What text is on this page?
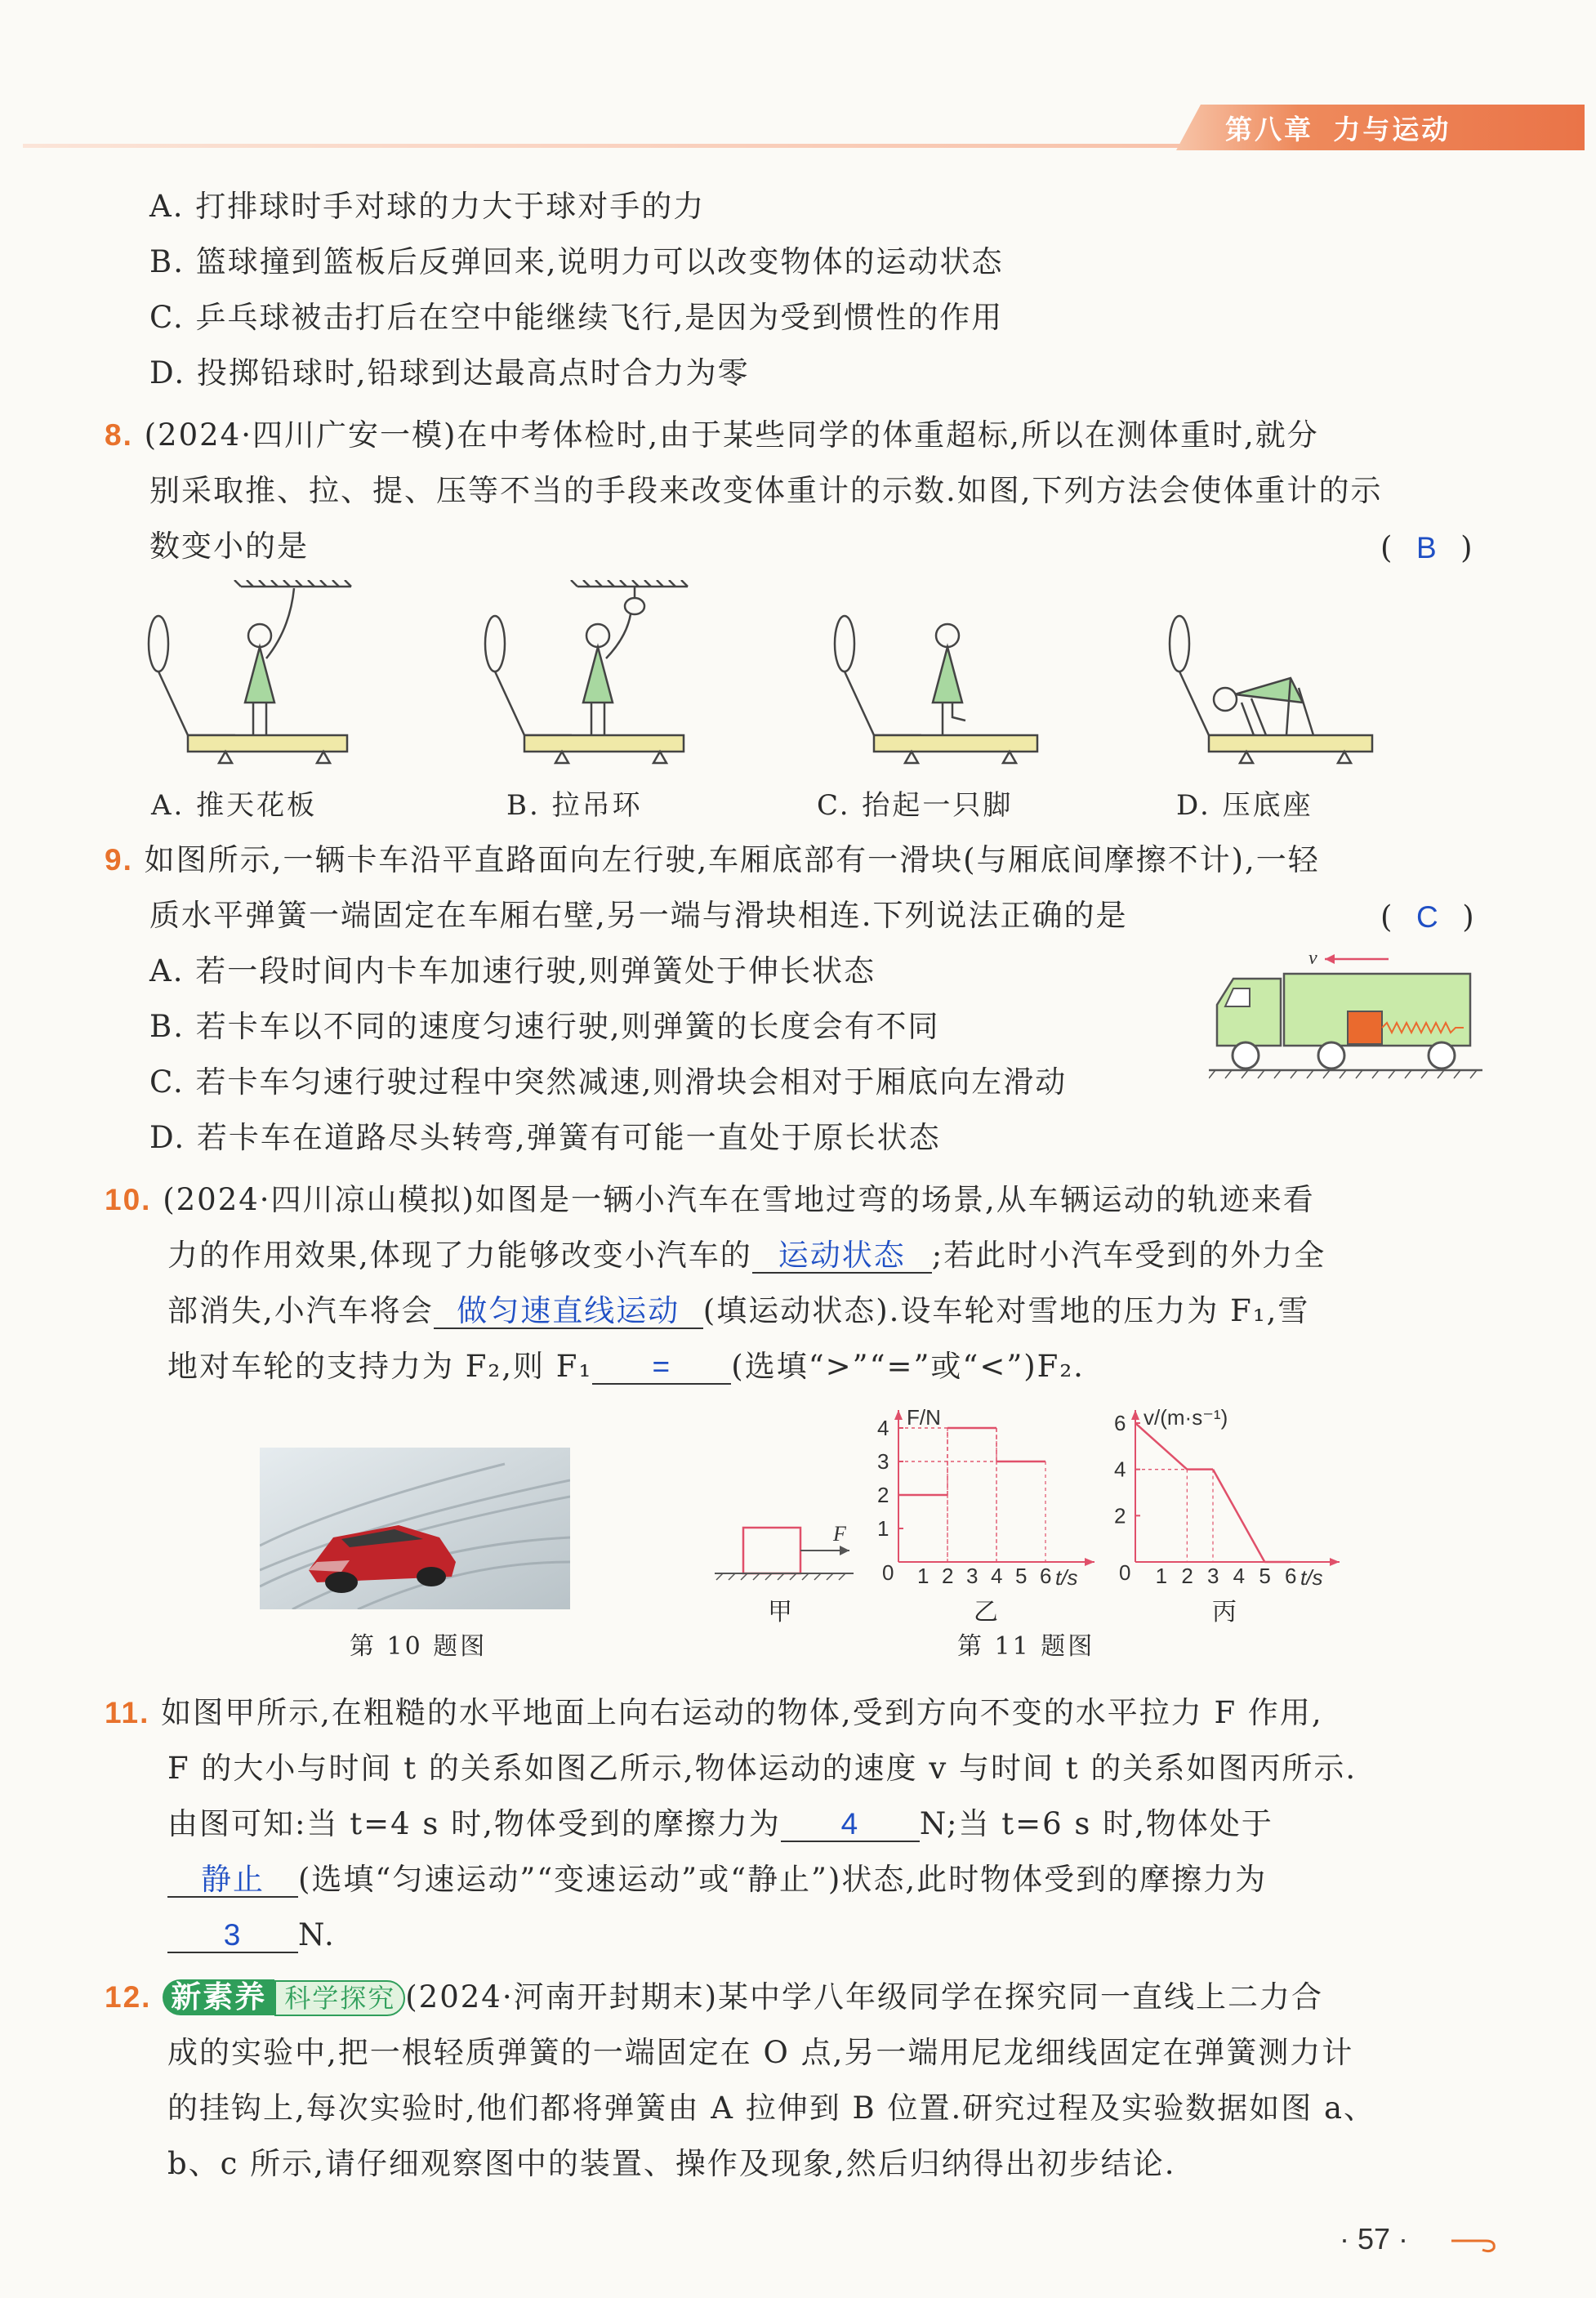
第八章 力与运动
A. 打排球时手对球的力大于球对手的力
B. 篮球撞到篮板后反弹回来,说明力可以改变物体的运动状态
C. 乒乓球被击打后在空中能继续飞行,是因为受到惯性的作用
D. 投掷铅球时,铅球到达最高点时合力为零
8. (2024·四川广安一模)在中考体检时,由于某些同学的体重超标,所以在测体重时,就分
别采取推、拉、提、压等不当的手段来改变体重计的示数.如图,下列方法会使体重计的示
数变小的是	(  B  )
A. 推天花板	B. 拉吊环	C. 抬起一只脚	D. 压底座
9. 如图所示,一辆卡车沿平直路面向左行驶,车厢底部有一滑块(与厢底间摩擦不计),一轻
质水平弹簧一端固定在车厢右壁,另一端与滑块相连.下列说法正确的是	(  C  )
A. 若一段时间内卡车加速行驶,则弹簧处于伸长状态
B. 若卡车以不同的速度匀速行驶,则弹簧的长度会有不同
C. 若卡车匀速行驶过程中突然减速,则滑块会相对于厢底向左滑动
D. 若卡车在道路尽头转弯,弹簧有可能一直处于原长状态
v
10. (2024·四川凉山模拟)如图是一辆小汽车在雪地过弯的场景,从车辆运动的轨迹来看
力的作用效果,体现了力能够改变小汽车的 运动状态 ;若此时小汽车受到的外力全
部消失,小汽车将会 做匀速直线运动 (填运动状态).设车轮对雪地的压力为 F₁,雪
地对车轮的支持力为 F₂,则 F₁ = (选填“>”“=”或“<”)F₂.
第 10 题图
F
甲
F/N
0	t/s
1 2 3 4 5 6
1
2
3
4
乙
v/(m·s⁻¹)
0	t/s
1 2 3 4 5 6
2
4
6
丙
第 11 题图
11. 如图甲所示,在粗糙的水平地面上向右运动的物体,受到方向不变的水平拉力 F 作用,
F 的大小与时间 t 的关系如图乙所示,物体运动的速度 v 与时间 t 的关系如图丙所示.
由图可知:当 t=4 s 时,物体受到的摩擦力为 4 N;当 t=6 s 时,物体处于
静止 (选填“匀速运动”“变速运动”或“静止”)状态,此时物体受到的摩擦力为
3 N.
12. 新素养 科学探究 (2024·河南开封期末)某中学八年级同学在探究同一直线上二力合
成的实验中,把一根轻质弹簧的一端固定在 O 点,另一端用尼龙细线固定在弹簧测力计
的挂钩上,每次实验时,他们都将弹簧由 A 拉伸到 B 位置.研究过程及实验数据如图 a、
b、c 所示,请仔细观察图中的装置、操作及现象,然后归纳得出初步结论.
· 57 ·
